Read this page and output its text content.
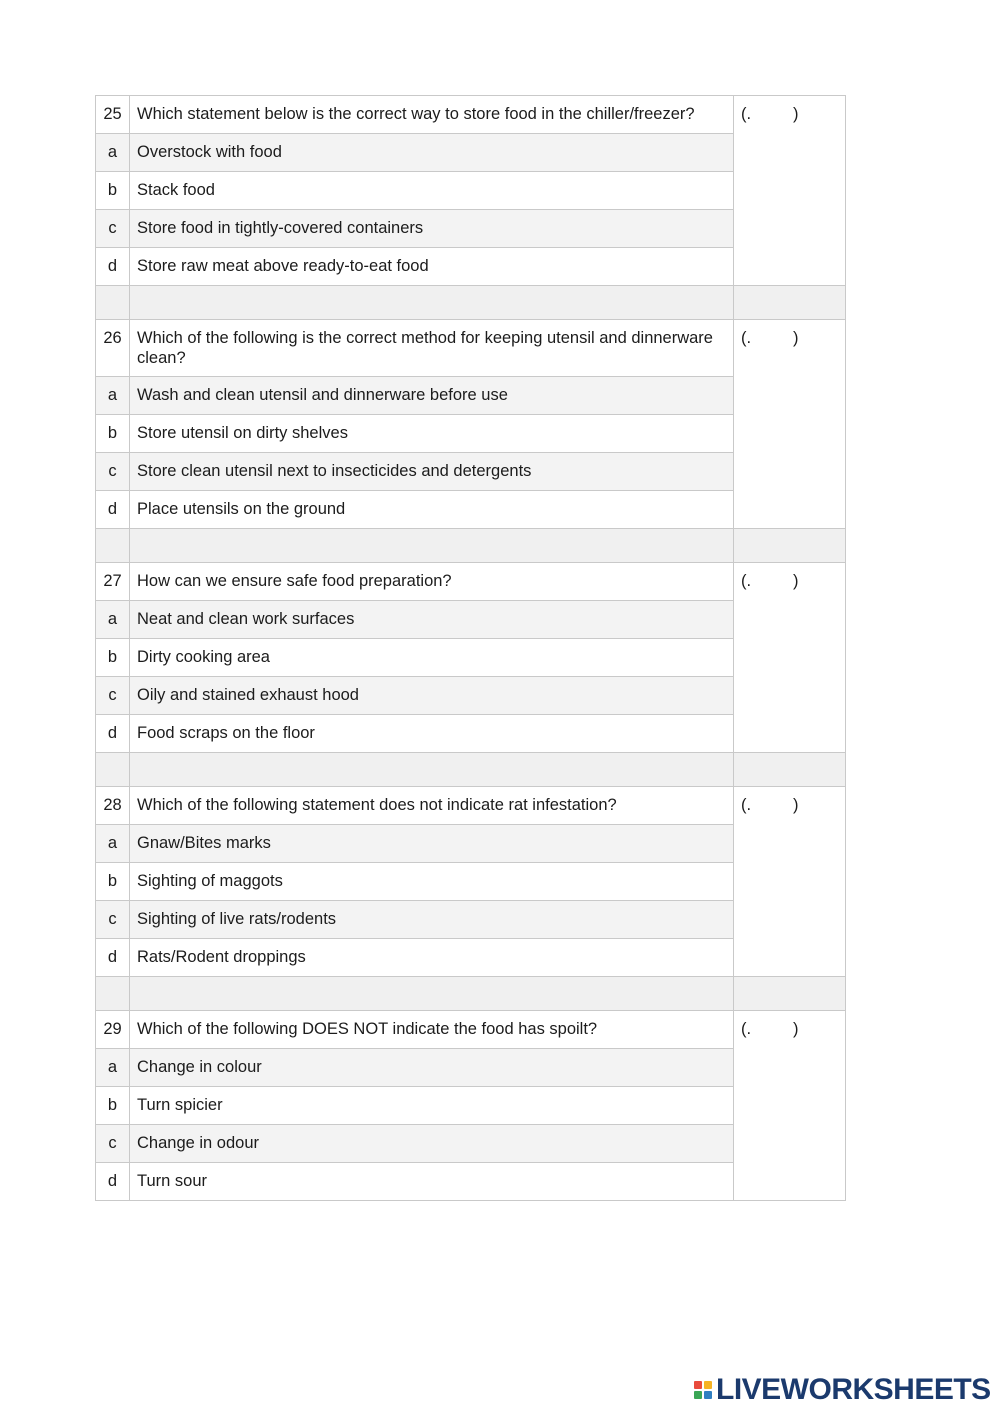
25	Which statement below is the correct way to store food in the chiller/freezer?	(. )

a	Overstock with food	

b	Stack food	

c	Store food in tightly-covered containers	

d	Store raw meat above ready-to-eat food	

26	Which of the following is the correct method for keeping utensil and dinnerware clean?	(. )

a	Wash and clean utensil and dinnerware before use	

b	Store utensil on dirty shelves	

c	Store clean utensil next to insecticides and detergents	

d	Place utensils on the ground	

27	How can we ensure safe food preparation?	(. )

a	Neat and clean work surfaces	

b	Dirty cooking area	

c	Oily and stained exhaust hood	

d	Food scraps on the floor	

28	Which of the following statement does not indicate rat infestation?	(. )

a	Gnaw/Bites marks	

b	Sighting of maggots	

c	Sighting of live rats/rodents	

d	Rats/Rodent droppings	

29	Which of the following DOES NOT indicate the food has spoilt?	(. )

a	Change in colour	

b	Turn spicier	

c	Change in odour	

d	Turn sour	
LIVEWORKSHEETS
